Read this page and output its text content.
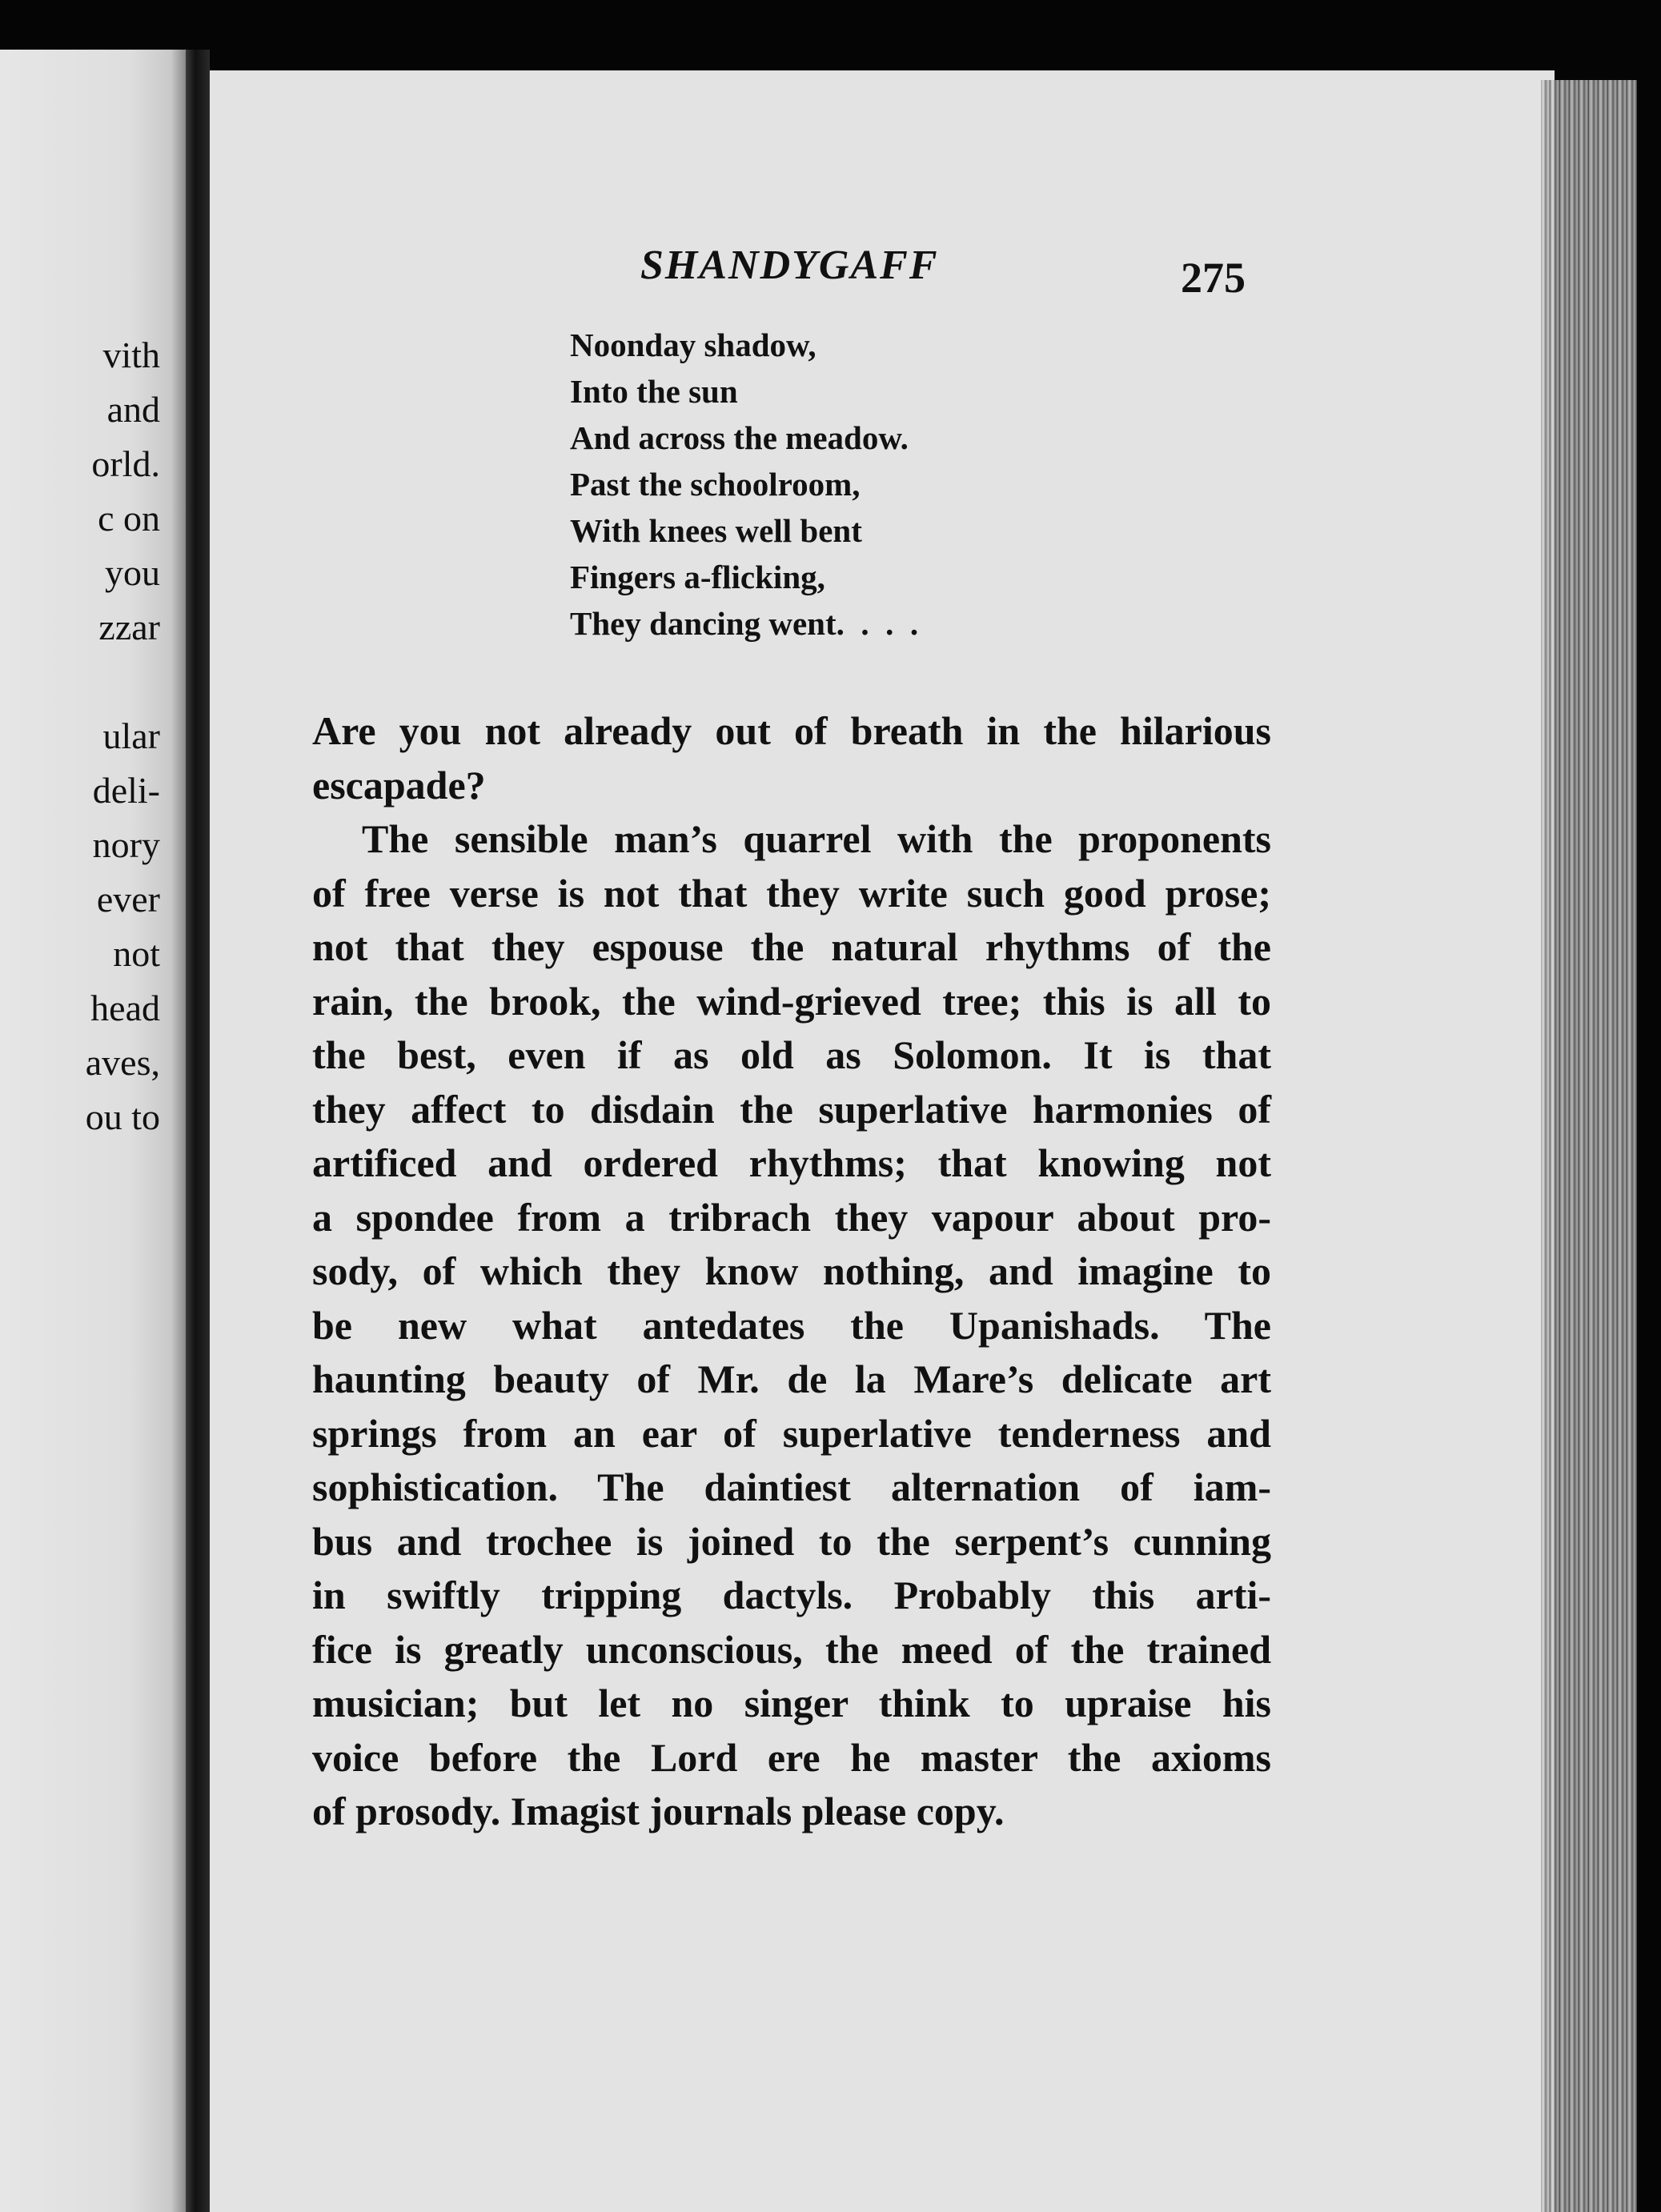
vith
and
orld.
c on
you
zzar
ular
deli-
nory
ever
not
head
aves,
ou to
SHANDYGAFF	275
Noonday shadow,
Into the sun
And across the meadow.
Past the schoolroom,
With knees well bent
Fingers a-flicking,
They dancing went.  .  .  .

Are you not already out of breath in the hilarious
escapade?

The sensible man’s quarrel with the proponents
of free verse is not that they write such good prose;
not that they espouse the natural rhythms of the
rain, the brook, the wind-grieved tree; this is all to
the best, even if as old as Solomon. It is that
they affect to disdain the superlative harmonies of
artificed and ordered rhythms; that knowing not
a spondee from a tribrach they vapour about pro-
sody, of which they know nothing, and imagine to
be new what antedates the Upanishads. The
haunting beauty of Mr. de la Mare’s delicate art
springs from an ear of superlative tenderness and
sophistication. The daintiest alternation of iam-
bus and trochee is joined to the serpent’s cunning
in swiftly tripping dactyls. Probably this arti-
fice is greatly unconscious, the meed of the trained
musician; but let no singer think to upraise his
voice before the Lord ere he master the axioms
of prosody. Imagist journals please copy.
